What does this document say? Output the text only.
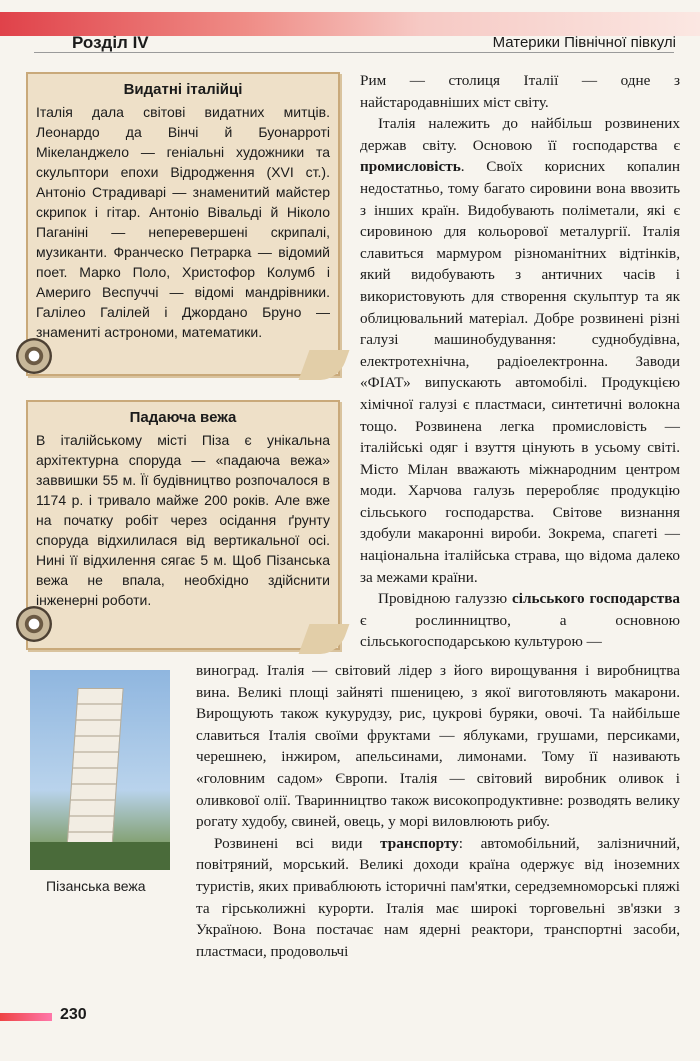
Розділ IV	Материки Північної півкулі
Видатні італійці
Італія дала світові видатних митців. Леонардо да Вінчі й Буонарроті Мікеланджело — геніальні художники та скульптори епохи Відродження (XVI ст.). Антоніо Страдиварі — знаменитий майстер скрипок і гітар. Антоніо Вівальді й Ніколо Паганіні — неперевершені скрипалі, музиканти. Франческо Петрарка — відомий поет. Марко Поло, Христофор Колумб і Америго Веспуччі — відомі мандрівники. Галілео Галілей і Джордано Бруно — знамениті астрономи, математики.
Падаюча вежа
В італійському місті Піза є унікальна архітектурна споруда — «падаюча вежа» заввишки 55 м. Її будівництво розпочалося в 1174 р. і тривало майже 200 років. Але вже на початку робіт через осідання ґрунту споруда відхилилася від вертикальної осі. Нині її відхилення сягає 5 м. Щоб Пізанська вежа не впала, необхідно здійснити інженерні роботи.

Рим — столиця Італії — одне з найстародавніших міст світу.

Італія належить до найбільш розвинених держав світу. Основою її господарства є промисловість. Своїх корисних копалин недостатньо, тому багато сировини вона ввозить з інших країн. Видобувають поліметали, які є сировиною для кольорової металургії. Італія славиться мармуром різноманітних відтінків, який видобувають з античних часів і використовують для створення скульптур та як облицювальний матеріал. Добре розвинені різні галузі машинобудування: суднобудівна, електротехнічна, радіоелектронна. Заводи «ФІАТ» випускають автомобілі. Продукцією хімічної галузі є пластмаси, синтетичні волокна тощо. Розвинена легка промисловість — італійські одяг і взуття цінують в усьому світі. Місто Мілан вважають міжнародним центром моди. Харчова галузь переробляє продукцію сільського господарства. Світове визнання здобули макаронні вироби. Зокрема, спагеті — національна італійська страва, що відома далеко за межами країни.

Провідною галуззю сільського господарства є рослинництво, а основною сільськогосподарською культурою —

Пізанська вежа

виноград. Італія — світовий лідер з його вирощування і виробництва вина. Великі площі зайняті пшеницею, з якої виготовляють макарони. Вирощують також кукурудзу, рис, цукрові буряки, овочі. Та найбільше славиться Італія своїми фруктами — яблуками, грушами, персиками, черешнею, інжиром, апельсинами, лимонами. Тому її називають «головним садом» Європи. Італія — світовий виробник оливок і оливкової олії. Тваринництво також високопродуктивне: розводять велику рогату худобу, свиней, овець, у морі виловлюють рибу.

Розвинені всі види транспорту: автомобільний, залізничний, повітряний, морський. Великі доходи країна одержує від іноземних туристів, яких приваблюють історичні пам'ятки, середземноморські пляжі та гірськолижні курорти. Італія має широкі торговельні зв'язки з Україною. Вона постачає нам ядерні реактори, транспортні засоби, пластмаси, продовольчі

230
